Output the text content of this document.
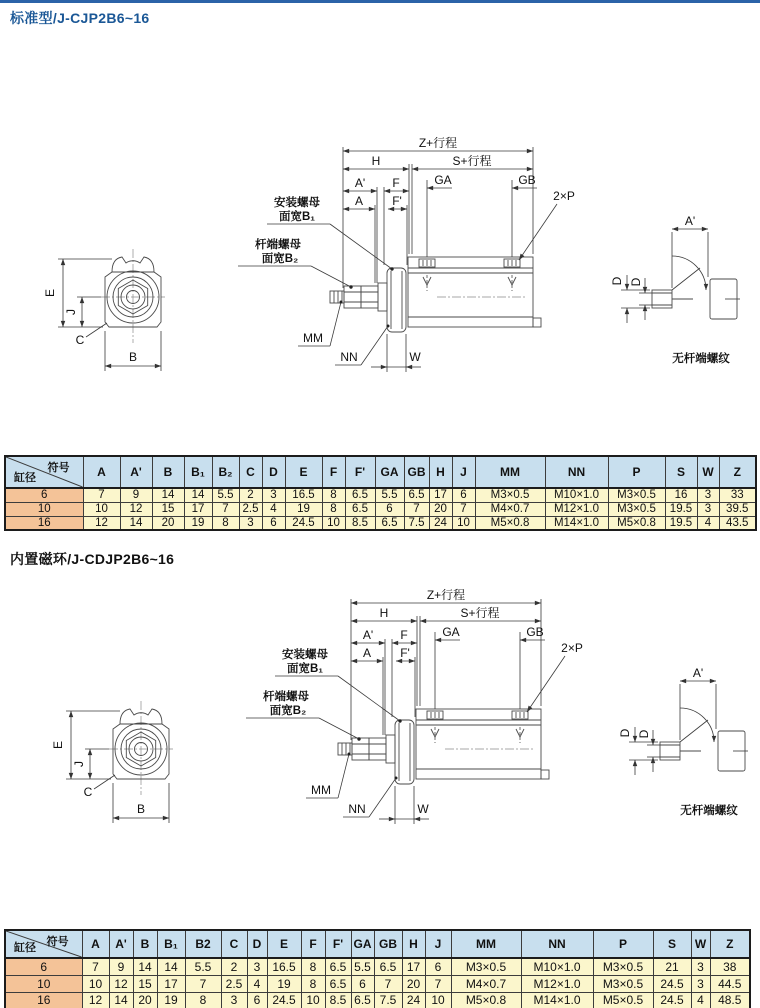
标准型/J-CJP2B6~16
内置磁环/J-CDJP2B6~16
E
J
C
B
Z+行程
H	S+行程
A' F
A F'
GA	GB
2×P
安装螺母
面宽B₁
杆端螺母
面宽B₂
MM
NN	W
A'
D D
无杆端螺纹
符号
缸径	A	A'	B	B₁	B₂	C	D	E	F	F'	GA	GB	H	J	MM	NN	P	S	W	Z
6	7	9	14	14	5.5	2	3	16.5	8	6.5	5.5	6.5	17	6	M3×0.5	M10×1.0	M3×0.5	16	3	33
10	10	12	15	17	7	2.5	4	19	8	6.5	6	7	20	7	M4×0.7	M12×1.0	M3×0.5	19.5	3	39.5
16	12	14	20	19	8	3	6	24.5	10	8.5	6.5	7.5	24	10	M5×0.8	M14×1.0	M5×0.8	19.5	4	43.5
符号
缸径	A	A'	B	B₁	B2	C	D	E	F	F'	GA	GB	H	J	MM	NN	P	S	W	Z
6	7	9	14	14	5.5	2	3	16.5	8	6.5	5.5	6.5	17	6	M3×0.5	M10×1.0	M3×0.5	21	3	38
10	10	12	15	17	7	2.5	4	19	8	6.5	6	7	20	7	M4×0.7	M12×1.0	M3×0.5	24.5	3	44.5
16	12	14	20	19	8	3	6	24.5	10	8.5	6.5	7.5	24	10	M5×0.8	M14×1.0	M5×0.5	24.5	4	48.5
